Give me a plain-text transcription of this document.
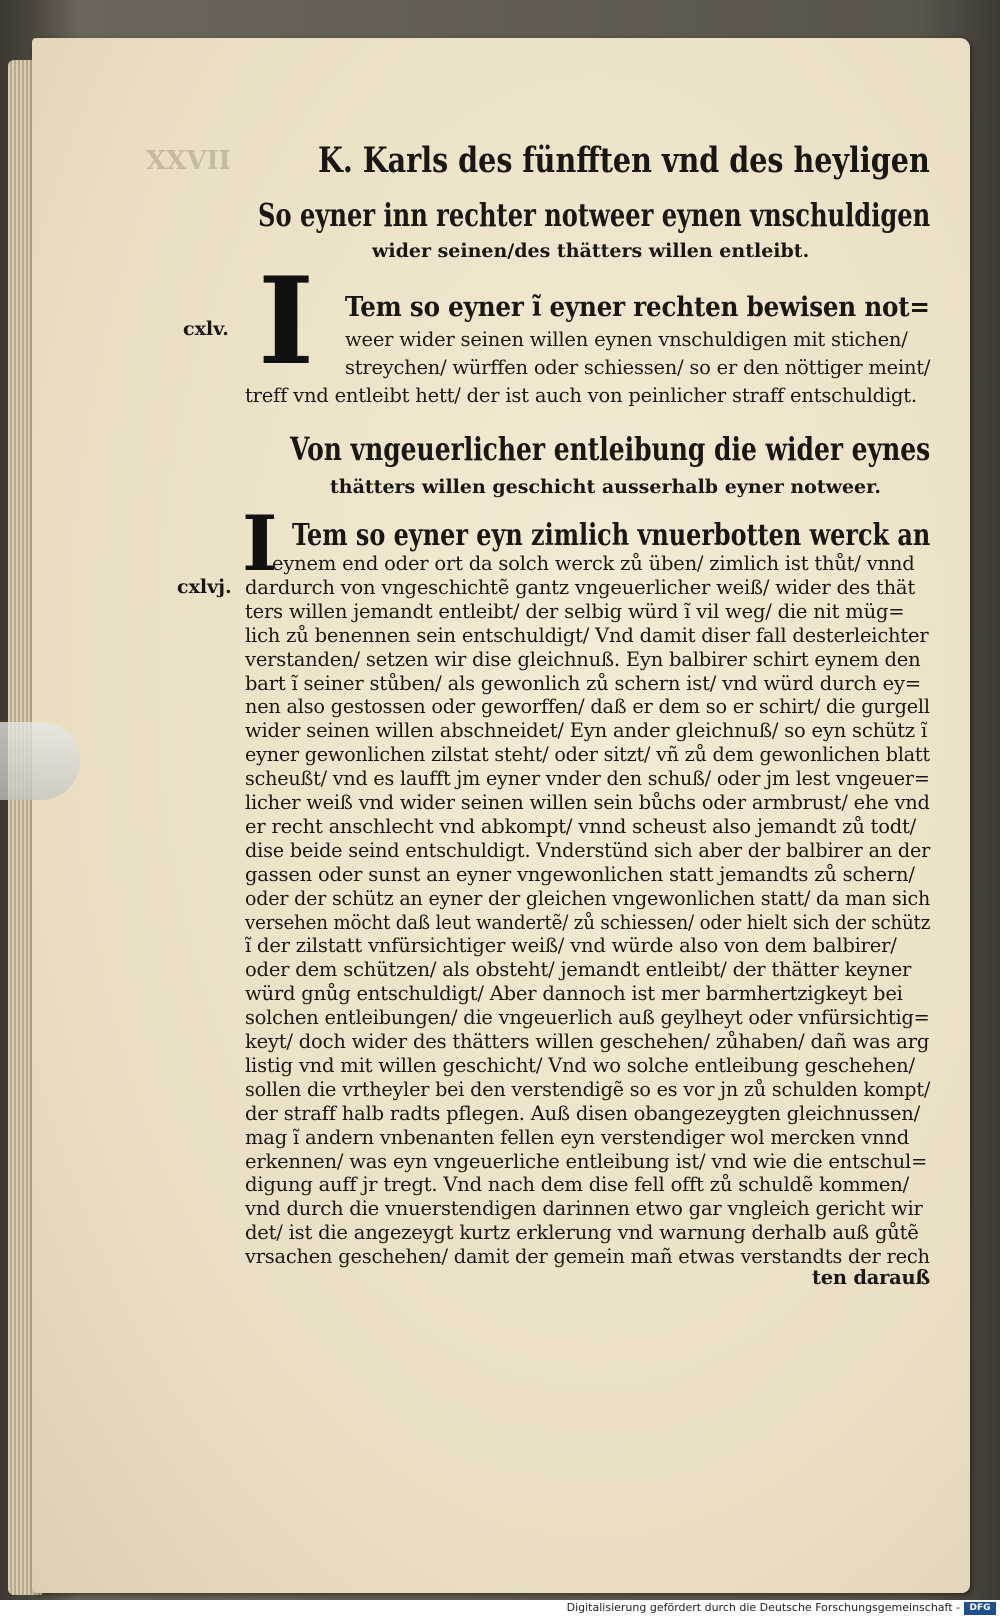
XXVII K. Karls des fünfften vnd des heyligen
So eyner inn rechter notweer eynen vnschuldigen
wider seinen/des thätters willen entleibt.
cxlv. I Tem so eyner ĩ eyner rechten bewisen not=
weer wider seinen willen eynen vnschuldigen mit stichen/
streychen/ würffen oder schiessen/ so er den nöttiger meint/
treff vnd entleibt hett/ der ist auch von peinlicher straff entschuldigt.
Von vngeuerlicher entleibung die wider eynes
thätters willen geschicht ausserhalb eyner notweer.
cxlvj. I Tem so eyner eyn zimlich vnuerbotten werck an
eynem end oder ort da solch werck zů üben/ zimlich ist thůt/ vnnd
dardurch von vngeschichtẽ gantz vngeuerlicher weiß/ wider des thät
ters willen jemandt entleibt/ der selbig würd ĩ vil weg/ die nit müg=
lich zů benennen sein entschuldigt/ Vnd damit diser fall desterleichter
verstanden/ setzen wir dise gleichnuß. Eyn balbirer schirt eynem den
bart ĩ seiner stůben/ als gewonlich zů schern ist/ vnd würd durch ey=
nen also gestossen oder geworffen/ daß er dem so er schirt/ die gurgell
wider seinen willen abschneidet/ Eyn ander gleichnuß/ so eyn schütz ĩ
eyner gewonlichen zilstat steht/ oder sitzt/ vñ zů dem gewonlichen blatt
scheußt/ vnd es laufft jm eyner vnder den schuß/ oder jm lest vngeuer=
licher weiß vnd wider seinen willen sein bůchs oder armbrust/ ehe vnd
er recht anschlecht vnd abkompt/ vnnd scheust also jemandt zů todt/
dise beide seind entschuldigt. Vnderstünd sich aber der balbirer an der
gassen oder sunst an eyner vngewonlichen statt jemandts zů schern/
oder der schütz an eyner der gleichen vngewonlichen statt/ da man sich
versehen möcht daß leut wandertẽ/ zů schiessen/ oder hielt sich der schütz
ĩ der zilstatt vnfürsichtiger weiß/ vnd würde also von dem balbirer/
oder dem schützen/ als obsteht/ jemandt entleibt/ der thätter keyner
würd gnůg entschuldigt/ Aber dannoch ist mer barmhertzigkeyt bei
solchen entleibungen/ die vngeuerlich auß geylheyt oder vnfürsichtig=
keyt/ doch wider des thätters willen geschehen/ zůhaben/ dañ was arg
listig vnd mit willen geschicht/ Vnd wo solche entleibung geschehen/
sollen die vrtheyler bei den verstendigẽ so es vor jn zů schulden kompt/
der straff halb radts pflegen. Auß disen obangezeygten gleichnussen/
mag ĩ andern vnbenanten fellen eyn verstendiger wol mercken vnnd
erkennen/ was eyn vngeuerliche entleibung ist/ vnd wie die entschul=
digung auff jr tregt. Vnd nach dem dise fell offt zů schuldẽ kommen/
vnd durch die vnuerstendigen darinnen etwo gar vngleich gericht wir
det/ ist die angezeygt kurtz erklerung vnd warnung derhalb auß gůtẽ
vrsachen geschehen/ damit der gemein mañ etwas verstandts der rech
ten darauß
Digitalisierung gefördert durch die Deutsche Forschungsgemeinschaft -	DFG
